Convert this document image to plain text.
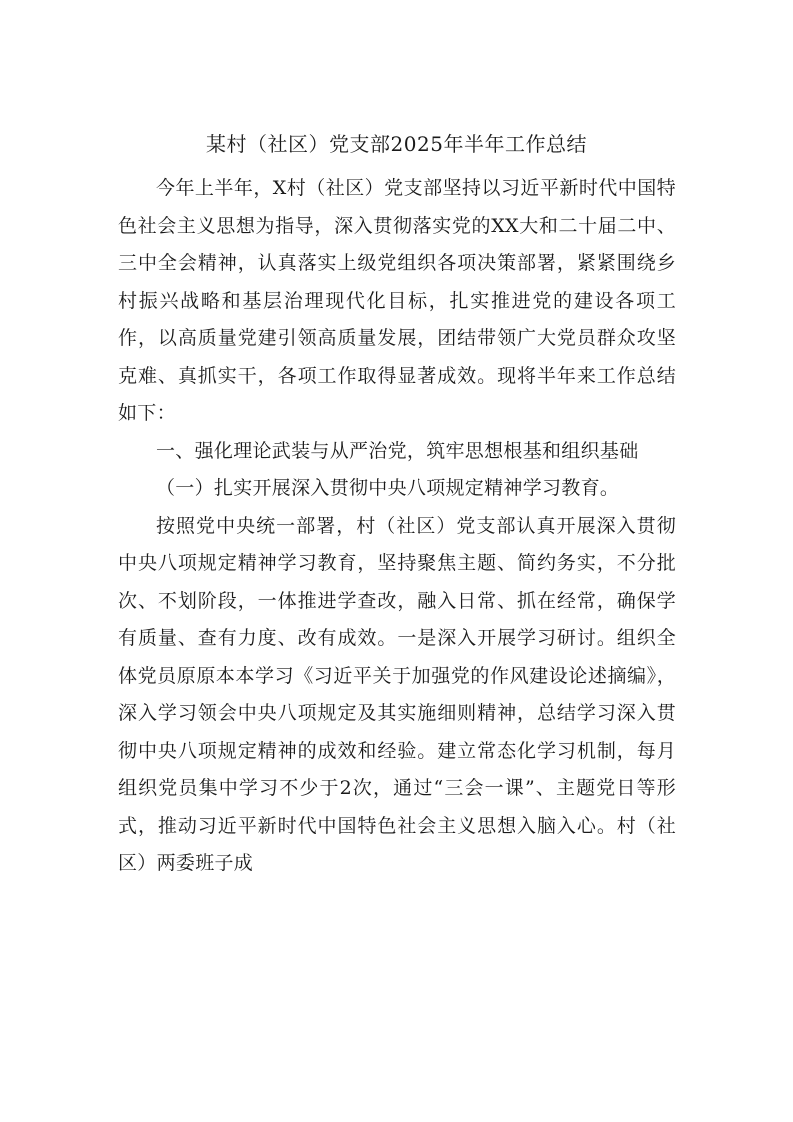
某村（社区）党支部2025年半年工作总结

今年上半年，X村（社区）党支部坚持以习近平新时代中国特色社会主义思想为指导，深入贯彻落实党的XX大和二十届二中、三中全会精神，认真落实上级党组织各项决策部署，紧紧围绕乡村振兴战略和基层治理现代化目标，扎实推进党的建设各项工作，以高质量党建引领高质量发展，团结带领广大党员群众攻坚克难、真抓实干，各项工作取得显著成效。现将半年来工作总结如下：

一、强化理论武装与从严治党，筑牢思想根基和组织基础

（一）扎实开展深入贯彻中央八项规定精神学习教育。

按照党中央统一部署，村（社区）党支部认真开展深入贯彻中央八项规定精神学习教育，坚持聚焦主题、简约务实，不分批次、不划阶段，一体推进学查改，融入日常、抓在经常，确保学有质量、查有力度、改有成效。一是深入开展学习研讨。组织全体党员原原本本学习《习近平关于加强党的作风建设论述摘编》，深入学习领会中央八项规定及其实施细则精神，总结学习深入贯彻中央八项规定精神的成效和经验。建立常态化学习机制，每月组织党员集中学习不少于2次，通过“三会一课”、主题党日等形式，推动习近平新时代中国特色社会主义思想入脑入心。村（社区）两委班子成
